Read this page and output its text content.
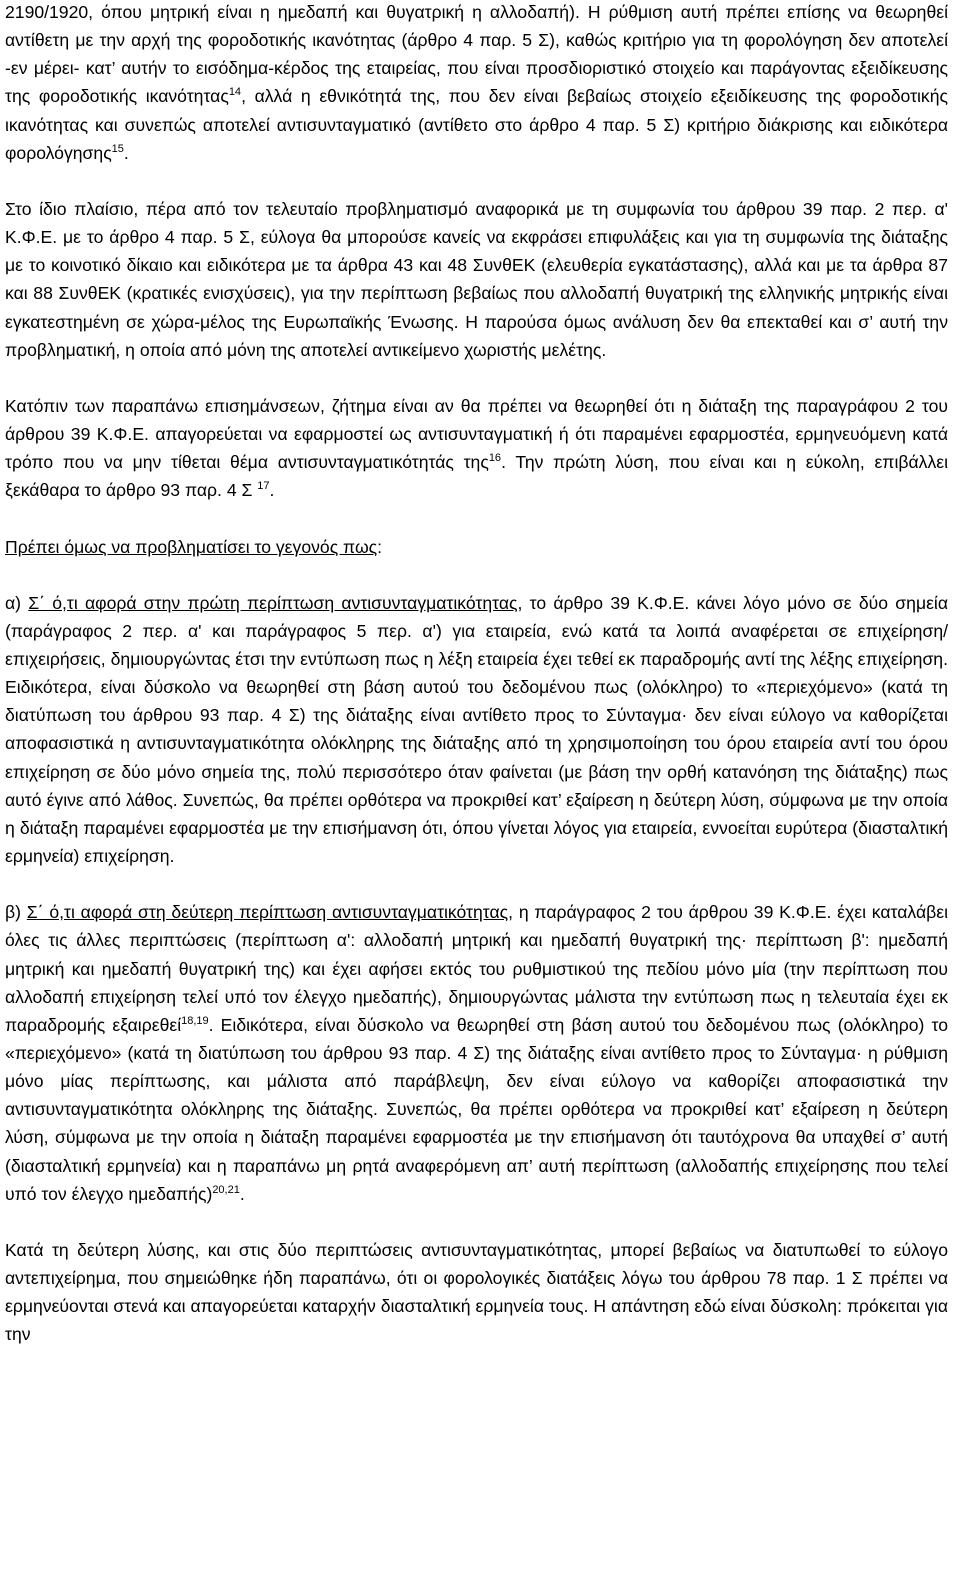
2190/1920, όπου μητρική είναι η ημεδαπή και θυγατρική η αλλοδαπή). Η ρύθμιση αυτή πρέπει επίσης να θεωρηθεί αντίθετη με την αρχή της φοροδοτικής ικανότητας (άρθρο 4 παρ. 5 Σ), καθώς κριτήριο για τη φορολόγηση δεν αποτελεί -εν μέρει- κατ’ αυτήν το εισόδημα-κέρδος της εταιρείας, που είναι προσδιοριστικό στοιχείο και παράγοντας εξειδίκευσης της φοροδοτικής ικανότητας$^{14}$, αλλά η εθνικότητά της, που δεν είναι βεβαίως στοιχείο εξειδίκευσης της φοροδοτικής ικανότητας και συνεπώς αποτελεί αντισυνταγματικό (αντίθετο στο άρθρο 4 παρ. 5 Σ) κριτήριο διάκρισης και ειδικότερα φορολόγησης$^{15}$.

Στο ίδιο πλαίσιο, πέρα από τον τελευταίο προβληματισμό αναφορικά με τη συμφωνία του άρθρου 39 παρ. 2 περ. α' Κ.Φ.Ε. με το άρθρο 4 παρ. 5 Σ, εύλογα θα μπορούσε κανείς να εκφράσει επιφυλάξεις και για τη συμφωνία της διάταξης με το κοινοτικό δίκαιο και ειδικότερα με τα άρθρα 43 και 48 ΣυνθΕΚ (ελευθερία εγκατάστασης), αλλά και με τα άρθρα 87 και 88 ΣυνθΕΚ (κρατικές ενισχύσεις), για την περίπτωση βεβαίως που αλλοδαπή θυγατρική της ελληνικής μητρικής είναι εγκατεστημένη σε χώρα-μέλος της Ευρωπαϊκής Ένωσης. Η παρούσα όμως ανάλυση δεν θα επεκταθεί και σ’ αυτή την προβληματική, η οποία από μόνη της αποτελεί αντικείμενο χωριστής μελέτης.

Κατόπιν των παραπάνω επισημάνσεων, ζήτημα είναι αν θα πρέπει να θεωρηθεί ότι η διάταξη της παραγράφου 2 του άρθρου 39 Κ.Φ.Ε. απαγορεύεται να εφαρμοστεί ως αντισυνταγματική ή ότι παραμένει εφαρμοστέα, ερμηνευόμενη κατά τρόπο που να μην τίθεται θέμα αντισυνταγματικότητάς της$^{16}$. Την πρώτη λύση, που είναι και η εύκολη, επιβάλλει ξεκάθαρα το άρθρο 93 παρ. 4 Σ $^{17}$.

Πρέπει όμως να προβληματίσει το γεγονός πως:

α) Σ΄ ό,τι αφορά στην πρώτη περίπτωση αντισυνταγματικότητας, το άρθρο 39 Κ.Φ.Ε. κάνει λόγο μόνο σε δύο σημεία (παράγραφος 2 περ. α' και παράγραφος 5 περ. α') για εταιρεία, ενώ κατά τα λοιπά αναφέρεται σε επιχείρηση/επιχειρήσεις, δημιουργώντας έτσι την εντύπωση πως η λέξη εταιρεία έχει τεθεί εκ παραδρομής αντί της λέξης επιχείρηση. Ειδικότερα, είναι δύσκολο να θεωρηθεί στη βάση αυτού του δεδομένου πως (ολόκληρο) το «περιεχόμενο» (κατά τη διατύπωση του άρθρου 93 παρ. 4 Σ) της διάταξης είναι αντίθετο προς το Σύνταγμα· δεν είναι εύλογο να καθορίζεται αποφασιστικά η αντισυνταγματικότητα ολόκληρης της διάταξης από τη χρησιμοποίηση του όρου εταιρεία αντί του όρου επιχείρηση σε δύο μόνο σημεία της, πολύ περισσότερο όταν φαίνεται (με βάση την ορθή κατανόηση της διάταξης) πως αυτό έγινε από λάθος. Συνεπώς, θα πρέπει ορθότερα να προκριθεί κατ’ εξαίρεση η δεύτερη λύση, σύμφωνα με την οποία η διάταξη παραμένει εφαρμοστέα με την επισήμανση ότι, όπου γίνεται λόγος για εταιρεία, εννοείται ευρύτερα (διασταλτική ερμηνεία) επιχείρηση.

β) Σ΄ ό,τι αφορά στη δεύτερη περίπτωση αντισυνταγματικότητας, η παράγραφος 2 του άρθρου 39 Κ.Φ.Ε. έχει καταλάβει όλες τις άλλες περιπτώσεις (περίπτωση α': αλλοδαπή μητρική και ημεδαπή θυγατρική της· περίπτωση β': ημεδαπή μητρική και ημεδαπή θυγατρική της) και έχει αφήσει εκτός του ρυθμιστικού της πεδίου μόνο μία (την περίπτωση που αλλοδαπή επιχείρηση τελεί υπό τον έλεγχο ημεδαπής), δημιουργώντας μάλιστα την εντύπωση πως η τελευταία έχει εκ παραδρομής εξαιρεθεί$^{18,19}$. Ειδικότερα, είναι δύσκολο να θεωρηθεί στη βάση αυτού του δεδομένου πως (ολόκληρο) το «περιεχόμενο» (κατά τη διατύπωση του άρθρου 93 παρ. 4 Σ) της διάταξης είναι αντίθετο προς το Σύνταγμα· η ρύθμιση μόνο μίας περίπτωσης, και μάλιστα από παράβλεψη, δεν είναι εύλογο να καθορίζει αποφασιστικά την αντισυνταγματικότητα ολόκληρης της διάταξης. Συνεπώς, θα πρέπει ορθότερα να προκριθεί κατ’ εξαίρεση η δεύτερη λύση, σύμφωνα με την οποία η διάταξη παραμένει εφαρμοστέα με την επισήμανση ότι ταυτόχρονα θα υπαχθεί σ’ αυτή (διασταλτική ερμηνεία) και η παραπάνω μη ρητά αναφερόμενη απ’ αυτή περίπτωση (αλλοδαπής επιχείρησης που τελεί υπό τον έλεγχο ημεδαπής)$^{20,21}$.

Κατά τη δεύτερη λύσης, και στις δύο περιπτώσεις αντισυνταγματικότητας, μπορεί βεβαίως να διατυπωθεί το εύλογο αντεπιχείρημα, που σημειώθηκε ήδη παραπάνω, ότι οι φορολογικές διατάξεις λόγω του άρθρου 78 παρ. 1 Σ πρέπει να ερμηνεύονται στενά και απαγορεύεται καταρχήν διασταλτική ερμηνεία τους. Η απάντηση εδώ είναι δύσκολη: πρόκειται για την
